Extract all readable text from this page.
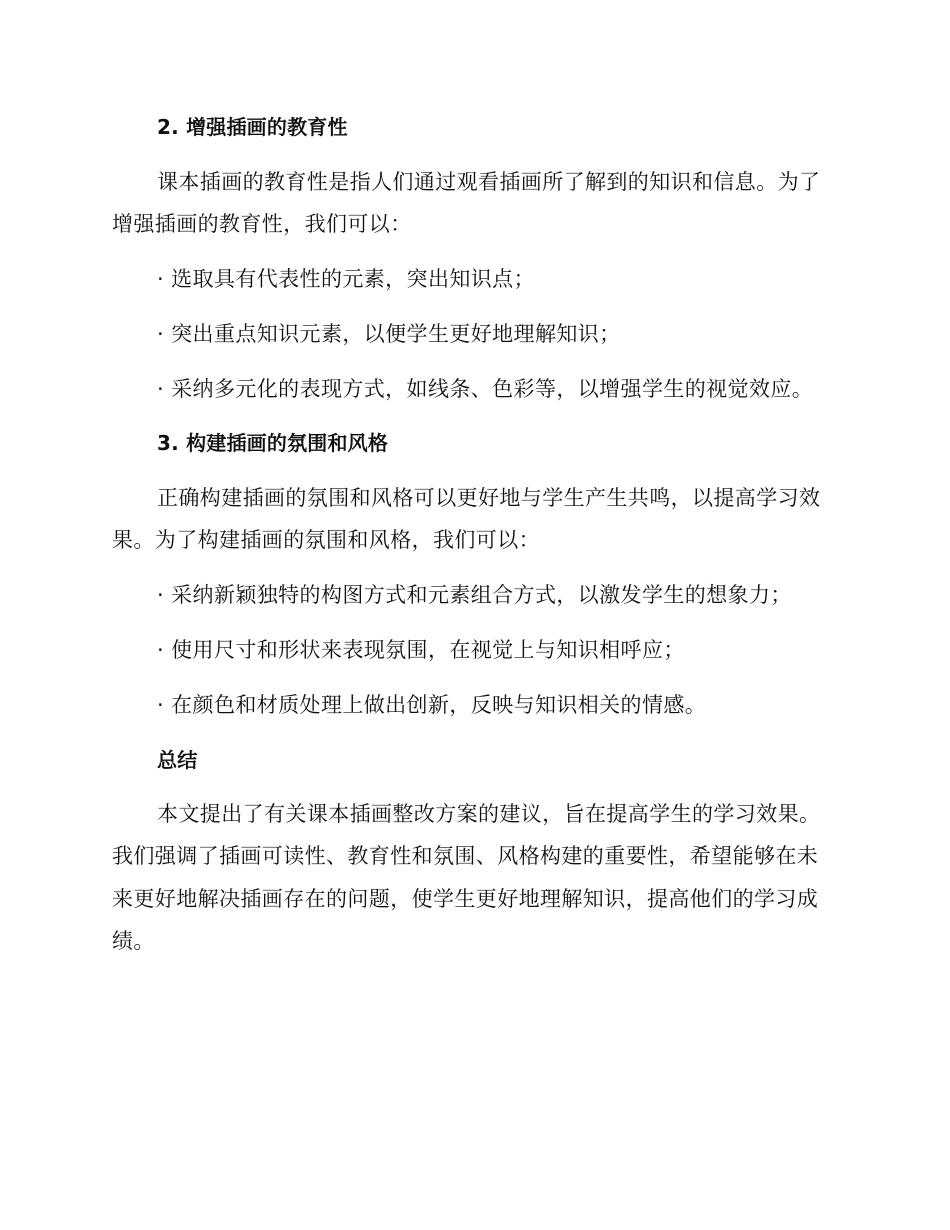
2. 增强插画的教育性
课本插画的教育性是指人们通过观看插画所了解到的知识和信息。为了
增强插画的教育性，我们可以：
· 选取具有代表性的元素，突出知识点；
· 突出重点知识元素，以便学生更好地理解知识；
· 采纳多元化的表现方式，如线条、色彩等，以增强学生的视觉效应。
3. 构建插画的氛围和风格
正确构建插画的氛围和风格可以更好地与学生产生共鸣，以提高学习效
果。为了构建插画的氛围和风格，我们可以：
· 采纳新颖独特的构图方式和元素组合方式，以激发学生的想象力；
· 使用尺寸和形状来表现氛围，在视觉上与知识相呼应；
· 在颜色和材质处理上做出创新，反映与知识相关的情感。
总结
本文提出了有关课本插画整改方案的建议，旨在提高学生的学习效果。
我们强调了插画可读性、教育性和氛围、风格构建的重要性，希望能够在未
来更好地解决插画存在的问题，使学生更好地理解知识，提高他们的学习成
绩。
